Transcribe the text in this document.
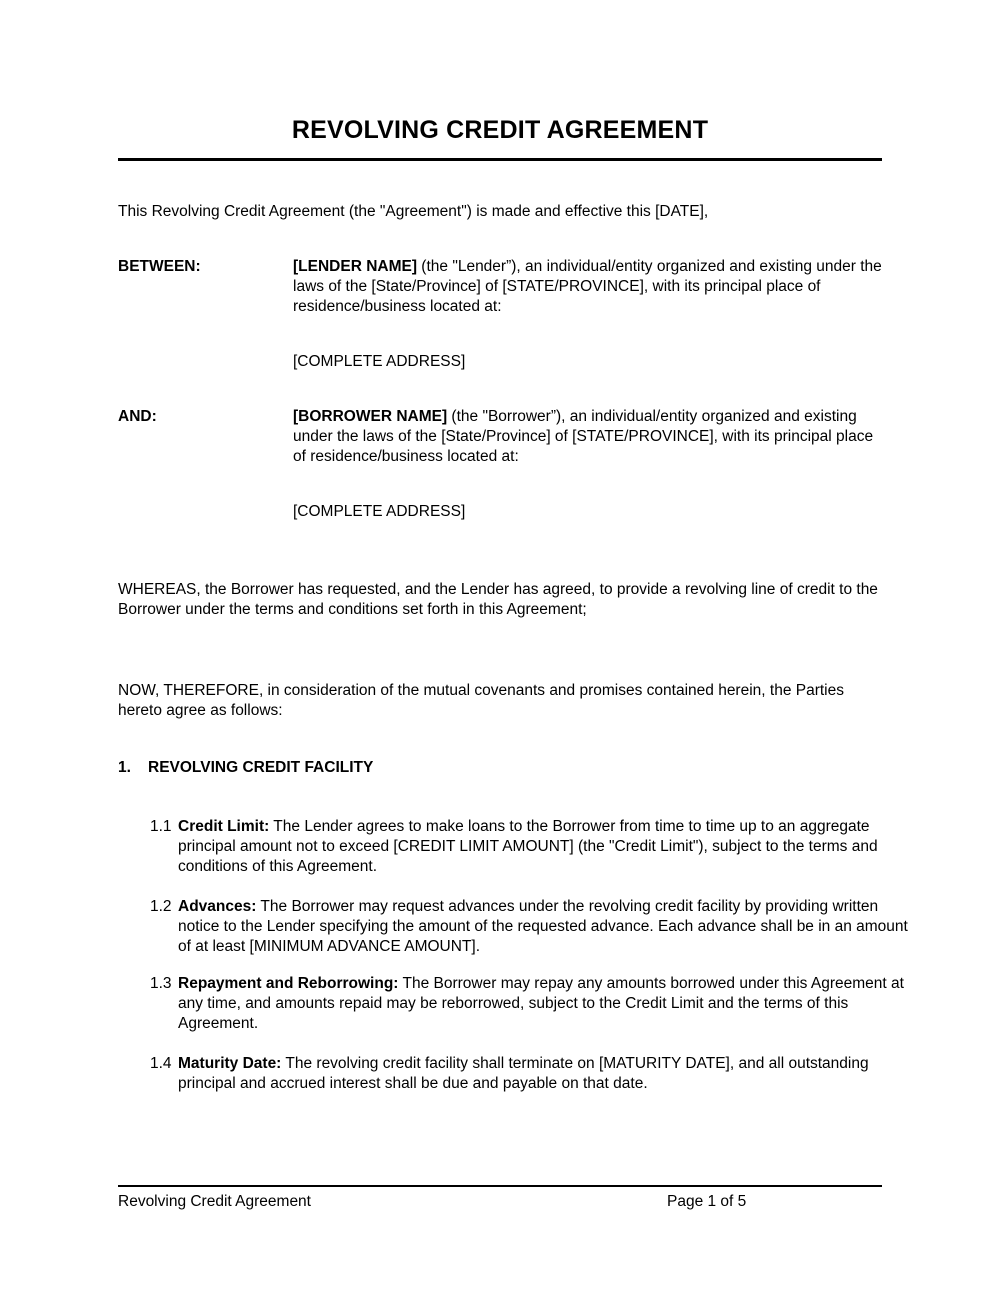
REVOLVING CREDIT AGREEMENT

This Revolving Credit Agreement (the "Agreement") is made and effective this [DATE],

BETWEEN:	[LENDER NAME] (the "Lender”), an individual/entity organized and existing under the laws of the [State/Province] of [STATE/PROVINCE], with its principal place of residence/business located at:

[COMPLETE ADDRESS]

AND:	[BORROWER NAME] (the "Borrower”), an individual/entity organized and existing under the laws of the [State/Province] of [STATE/PROVINCE], with its principal place of residence/business located at:

[COMPLETE ADDRESS]

WHEREAS, the Borrower has requested, and the Lender has agreed, to provide a revolving line of credit to the Borrower under the terms and conditions set forth in this Agreement;

NOW, THEREFORE, in consideration of the mutual covenants and promises contained herein, the Parties hereto agree as follows:

1. REVOLVING CREDIT FACILITY

1.1 Credit Limit: The Lender agrees to make loans to the Borrower from time to time up to an aggregate principal amount not to exceed [CREDIT LIMIT AMOUNT] (the "Credit Limit"), subject to the terms and conditions of this Agreement.

1.2 Advances: The Borrower may request advances under the revolving credit facility by providing written notice to the Lender specifying the amount of the requested advance. Each advance shall be in an amount of at least [MINIMUM ADVANCE AMOUNT].

1.3 Repayment and Reborrowing: The Borrower may repay any amounts borrowed under this Agreement at any time, and amounts repaid may be reborrowed, subject to the Credit Limit and the terms of this Agreement.

1.4 Maturity Date: The revolving credit facility shall terminate on [MATURITY DATE], and all outstanding principal and accrued interest shall be due and payable on that date.

Revolving Credit Agreement	Page 1 of 5
